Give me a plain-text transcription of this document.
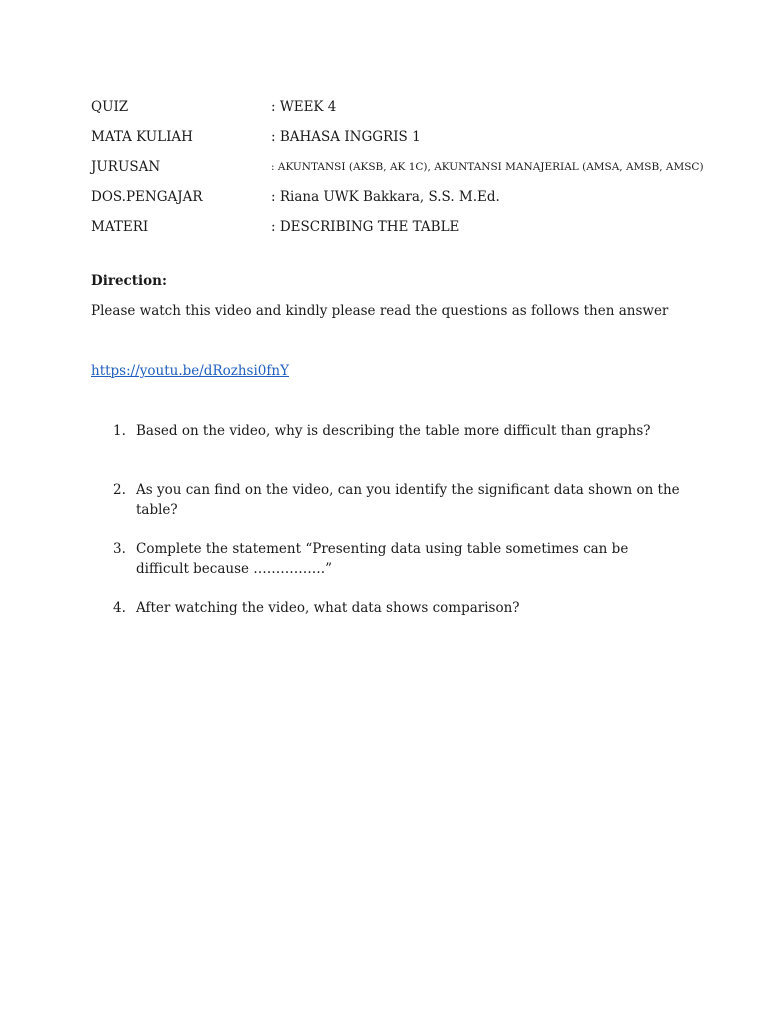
QUIZ	: WEEK 4
MATA KULIAH	: BAHASA INGGRIS 1
JURUSAN	: AKUNTANSI (AKSB, AK 1C), AKUNTANSI MANAJERIAL (AMSA, AMSB, AMSC)
DOS.PENGAJAR	: Riana UWK Bakkara, S.S. M.Ed.
MATERI	: DESCRIBING THE TABLE
Direction:
Please watch this video and kindly please read the questions as follows then answer
https://youtu.be/dRozhsi0fnY
1. Based on the video, why is describing the table more difficult than graphs?
2. As you can find on the video, can you identify the significant data shown on the table?
3. Complete the statement “Presenting data using table sometimes can be difficult because …………….”
4. After watching the video, what data shows comparison?
